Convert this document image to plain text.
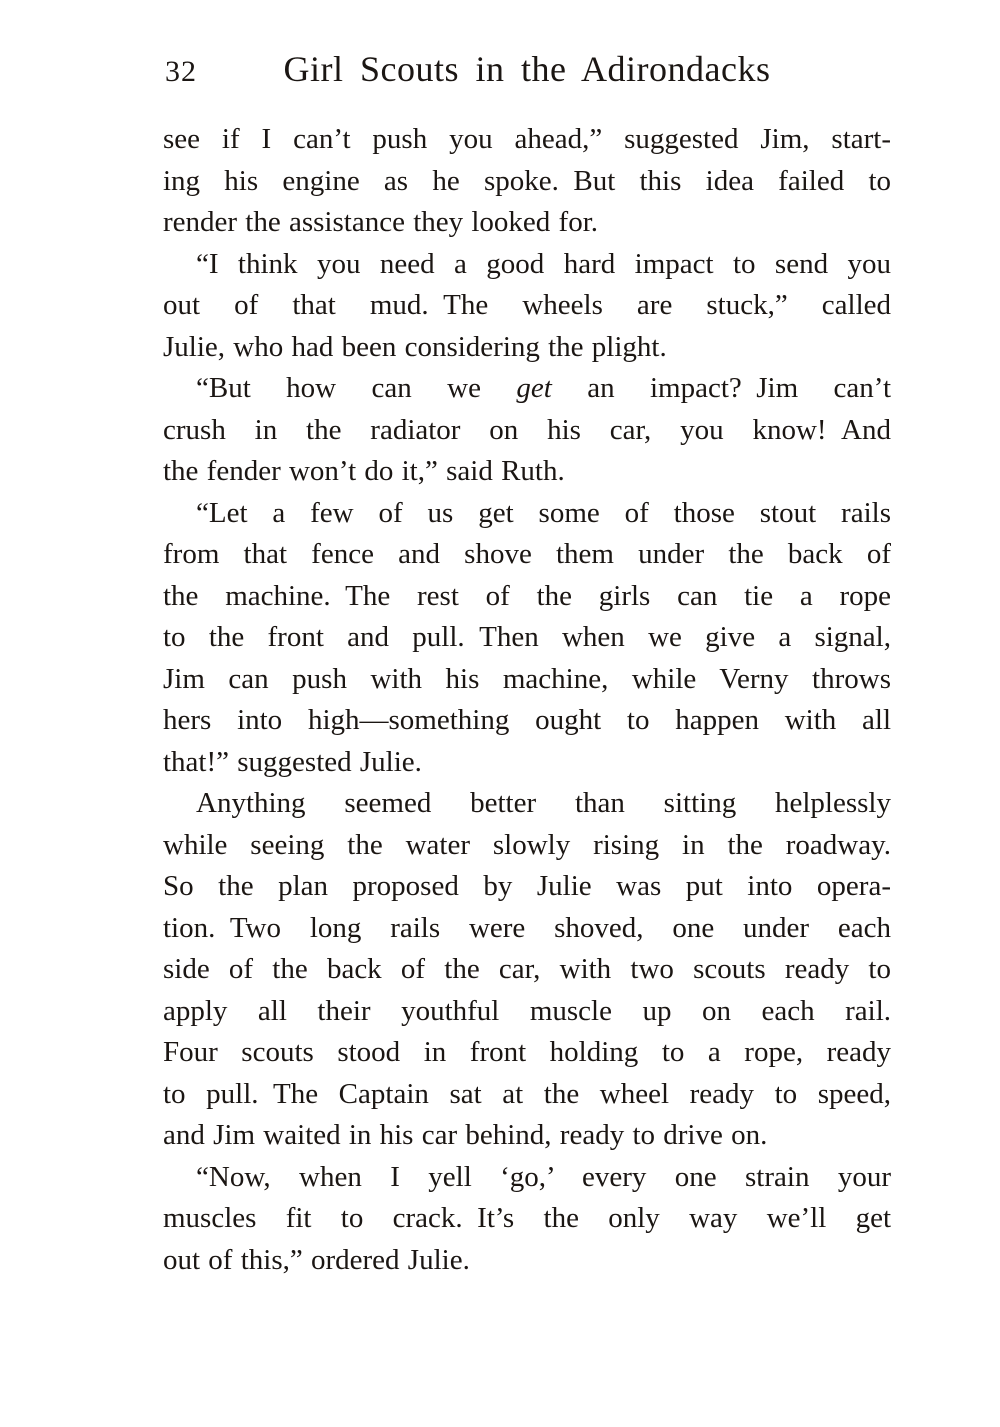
32	Girl Scouts in the Adirondacks
see if I can’t push you ahead,” suggested Jim, start-
ing his engine as he spoke. But this idea failed to
render the assistance they looked for.
“I think you need a good hard impact to send you
out of that mud. The wheels are stuck,” called
Julie, who had been considering the plight.
“But how can we get an impact? Jim can’t
crush in the radiator on his car, you know! And
the fender won’t do it,” said Ruth.
“Let a few of us get some of those stout rails
from that fence and shove them under the back of
the machine. The rest of the girls can tie a rope
to the front and pull. Then when we give a signal,
Jim can push with his machine, while Verny throws
hers into high—something ought to happen with all
that!” suggested Julie.
Anything seemed better than sitting helplessly
while seeing the water slowly rising in the roadway.
So the plan proposed by Julie was put into opera-
tion. Two long rails were shoved, one under each
side of the back of the car, with two scouts ready to
apply all their youthful muscle up on each rail.
Four scouts stood in front holding to a rope, ready
to pull. The Captain sat at the wheel ready to speed,
and Jim waited in his car behind, ready to drive on.
“Now, when I yell ‘go,’ every one strain your
muscles fit to crack. It’s the only way we’ll get
out of this,” ordered Julie.
